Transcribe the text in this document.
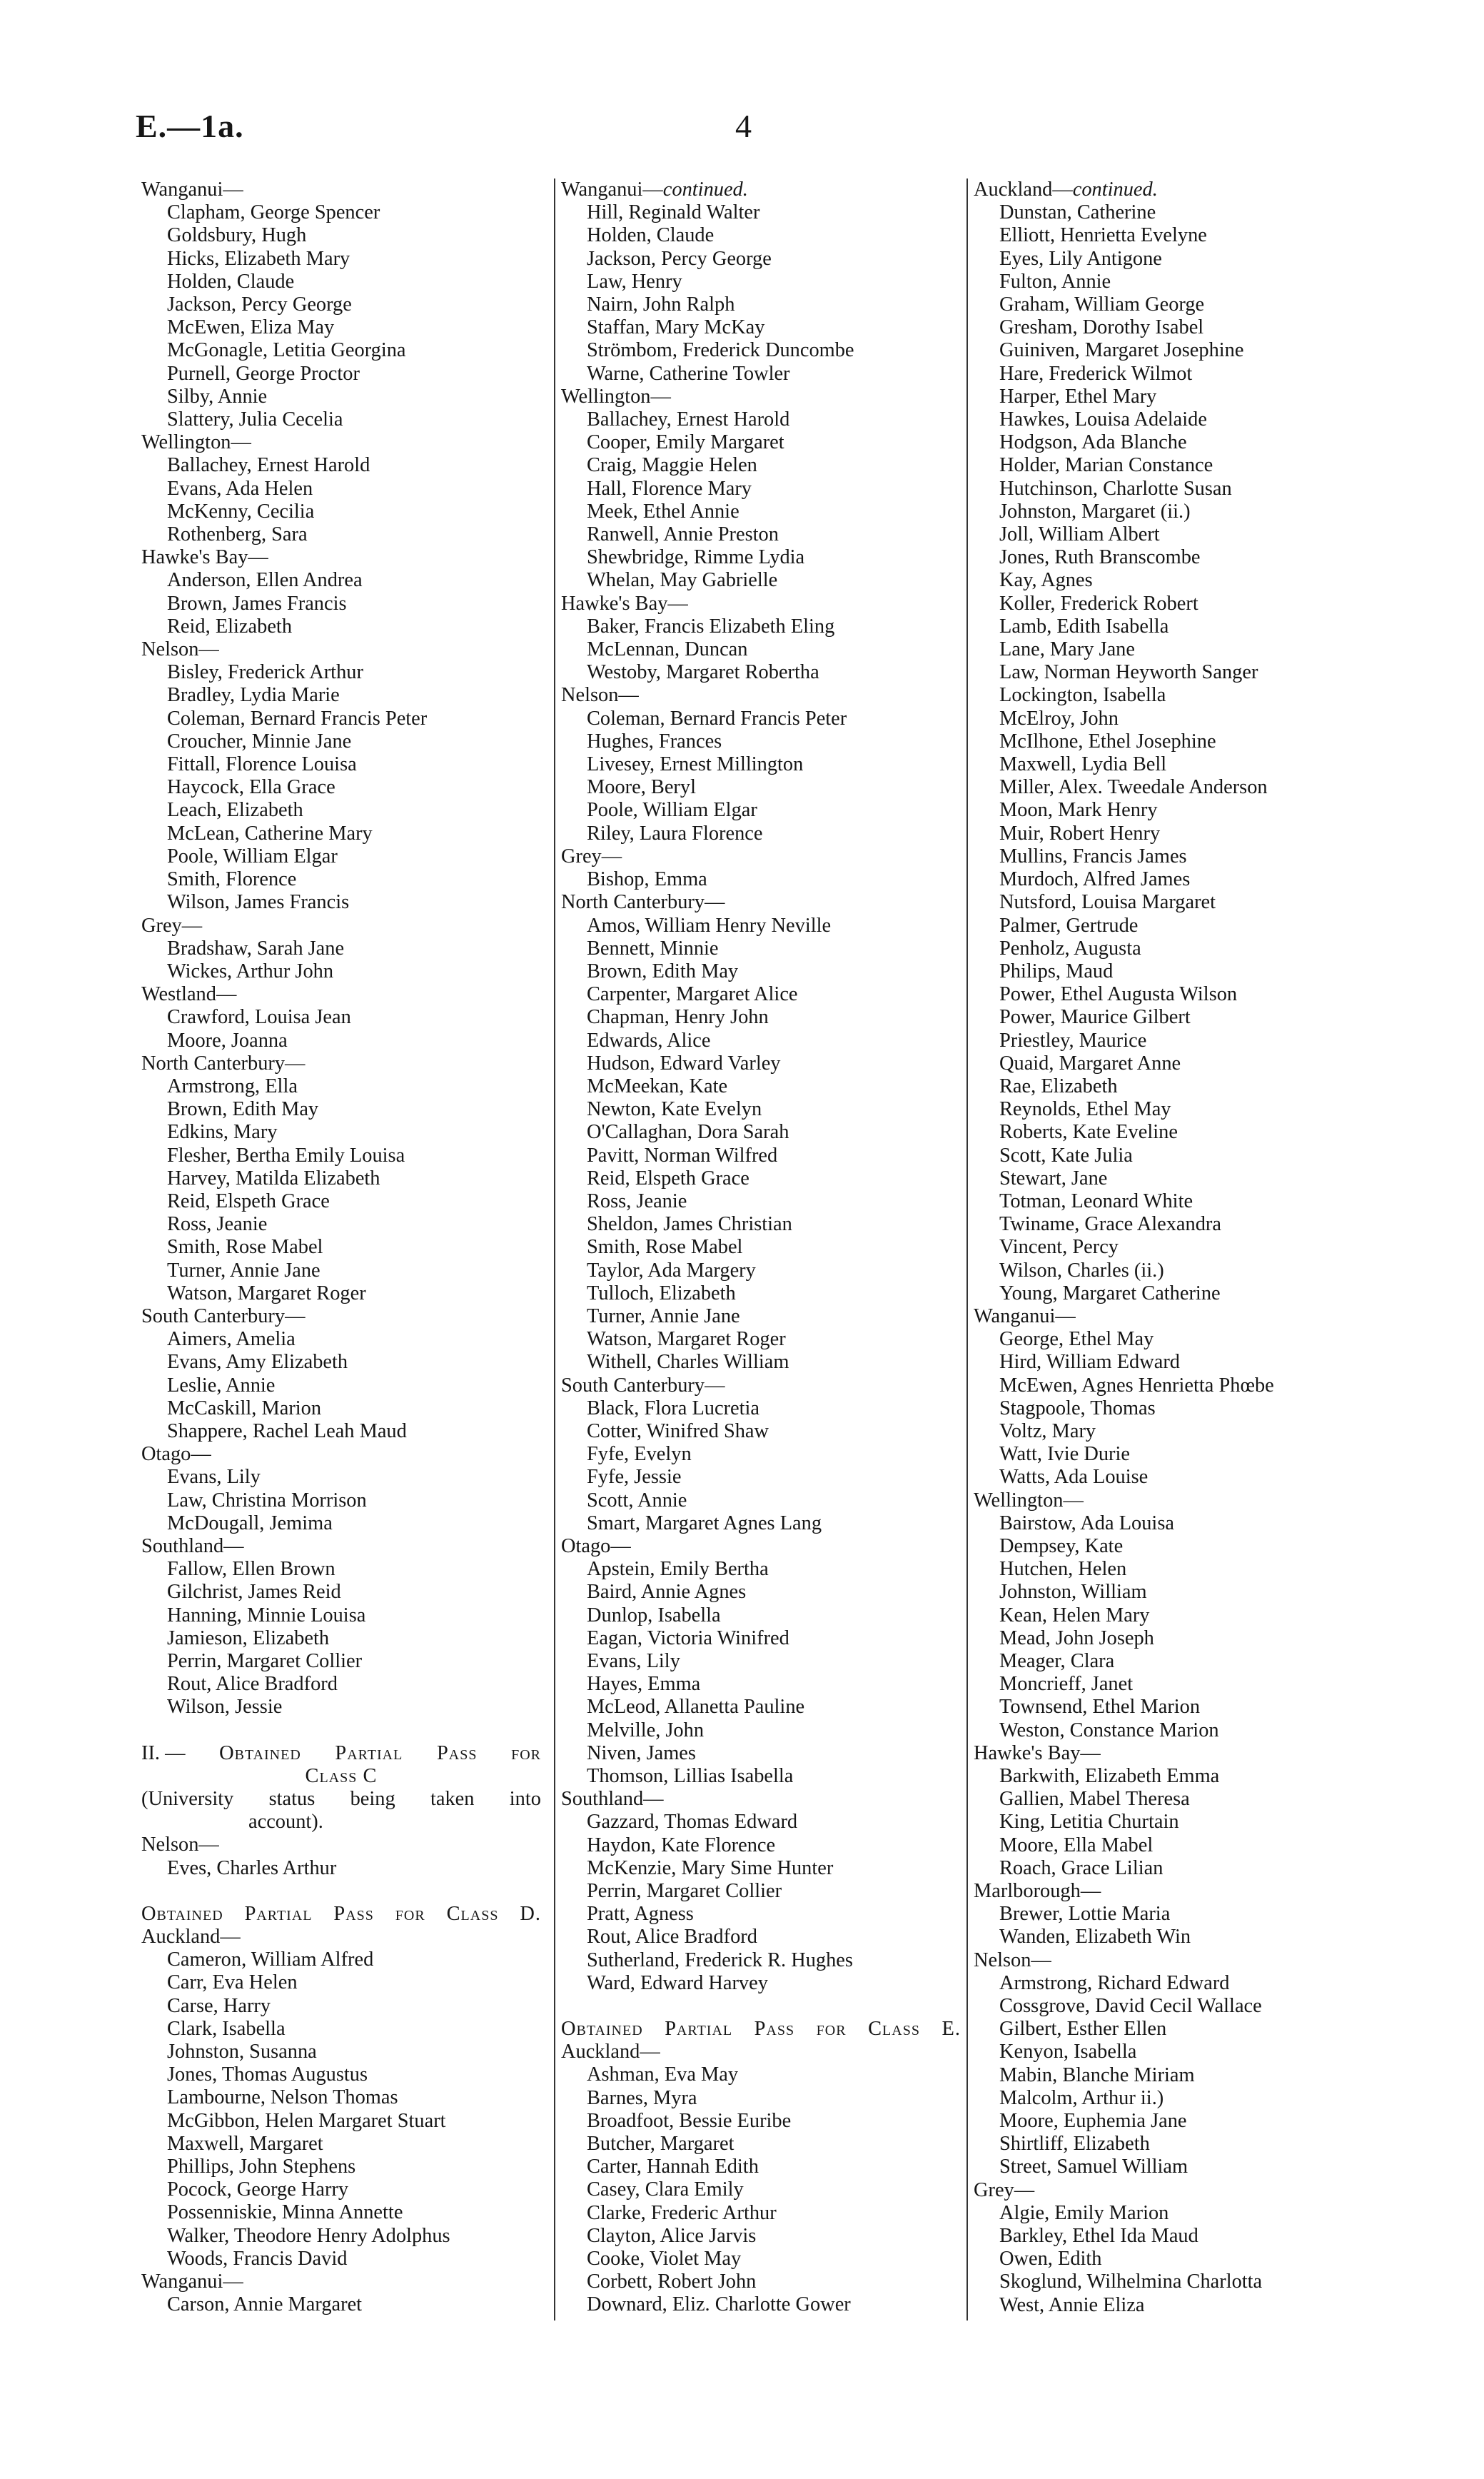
E.—1a.	4
Wanganui—
Clapham, George Spencer
Goldsbury, Hugh
Hicks, Elizabeth Mary
Holden, Claude
Jackson, Percy George
McEwen, Eliza May
McGonagle, Letitia Georgina
Purnell, George Proctor
Silby, Annie
Slattery, Julia Cecelia
Wellington—
Ballachey, Ernest Harold
Evans, Ada Helen
McKenny, Cecilia
Rothenberg, Sara
Hawke's Bay—
Anderson, Ellen Andrea
Brown, James Francis
Reid, Elizabeth
Nelson—
Bisley, Frederick Arthur
Bradley, Lydia Marie
Coleman, Bernard Francis Peter
Croucher, Minnie Jane
Fittall, Florence Louisa
Haycock, Ella Grace
Leach, Elizabeth
McLean, Catherine Mary
Poole, William Elgar
Smith, Florence
Wilson, James Francis
Grey—
Bradshaw, Sarah Jane
Wickes, Arthur John
Westland—
Crawford, Louisa Jean
Moore, Joanna
North Canterbury—
Armstrong, Ella
Brown, Edith May
Edkins, Mary
Flesher, Bertha Emily Louisa
Harvey, Matilda Elizabeth
Reid, Elspeth Grace
Ross, Jeanie
Smith, Rose Mabel
Turner, Annie Jane
Watson, Margaret Roger
South Canterbury—
Aimers, Amelia
Evans, Amy Elizabeth
Leslie, Annie
McCaskill, Marion
Shappere, Rachel Leah Maud
Otago—
Evans, Lily
Law, Christina Morrison
McDougall, Jemima
Southland—
Fallow, Ellen Brown
Gilchrist, James Reid
Hanning, Minnie Louisa
Jamieson, Elizabeth
Perrin, Margaret Collier
Rout, Alice Bradford
Wilson, Jessie
II. — Obtained Partial Pass for
Class C
(University status being taken into
account).
Nelson—
Eves, Charles Arthur
Obtained Partial Pass for Class D.
Auckland—
Cameron, William Alfred
Carr, Eva Helen
Carse, Harry
Clark, Isabella
Johnston, Susanna
Jones, Thomas Augustus
Lambourne, Nelson Thomas
McGibbon, Helen Margaret Stuart
Maxwell, Margaret
Phillips, John Stephens
Pocock, George Harry
Possenniskie, Minna Annette
Walker, Theodore Henry Adolphus
Woods, Francis David
Wanganui—
Carson, Annie Margaret
Wanganui—continued.
Hill, Reginald Walter
Holden, Claude
Jackson, Percy George
Law, Henry
Nairn, John Ralph
Staffan, Mary McKay
Strömbom, Frederick Duncombe
Warne, Catherine Towler
Wellington—
Ballachey, Ernest Harold
Cooper, Emily Margaret
Craig, Maggie Helen
Hall, Florence Mary
Meek, Ethel Annie
Ranwell, Annie Preston
Shewbridge, Rimme Lydia
Whelan, May Gabrielle
Hawke's Bay—
Baker, Francis Elizabeth Eling
McLennan, Duncan
Westoby, Margaret Robertha
Nelson—
Coleman, Bernard Francis Peter
Hughes, Frances
Livesey, Ernest Millington
Moore, Beryl
Poole, William Elgar
Riley, Laura Florence
Grey—
Bishop, Emma
North Canterbury—
Amos, William Henry Neville
Bennett, Minnie
Brown, Edith May
Carpenter, Margaret Alice
Chapman, Henry John
Edwards, Alice
Hudson, Edward Varley
McMeekan, Kate
Newton, Kate Evelyn
O'Callaghan, Dora Sarah
Pavitt, Norman Wilfred
Reid, Elspeth Grace
Ross, Jeanie
Sheldon, James Christian
Smith, Rose Mabel
Taylor, Ada Margery
Tulloch, Elizabeth
Turner, Annie Jane
Watson, Margaret Roger
Withell, Charles William
South Canterbury—
Black, Flora Lucretia
Cotter, Winifred Shaw
Fyfe, Evelyn
Fyfe, Jessie
Scott, Annie
Smart, Margaret Agnes Lang
Otago—
Apstein, Emily Bertha
Baird, Annie Agnes
Dunlop, Isabella
Eagan, Victoria Winifred
Evans, Lily
Hayes, Emma
McLeod, Allanetta Pauline
Melville, John
Niven, James
Thomson, Lillias Isabella
Southland—
Gazzard, Thomas Edward
Haydon, Kate Florence
McKenzie, Mary Sime Hunter
Perrin, Margaret Collier
Pratt, Agness
Rout, Alice Bradford
Sutherland, Frederick R. Hughes
Ward, Edward Harvey
Obtained Partial Pass for Class E.
Auckland—
Ashman, Eva May
Barnes, Myra
Broadfoot, Bessie Euribe
Butcher, Margaret
Carter, Hannah Edith
Casey, Clara Emily
Clarke, Frederic Arthur
Clayton, Alice Jarvis
Cooke, Violet May
Corbett, Robert John
Downard, Eliz. Charlotte Gower
Auckland—continued.
Dunstan, Catherine
Elliott, Henrietta Evelyne
Eyes, Lily Antigone
Fulton, Annie
Graham, William George
Gresham, Dorothy Isabel
Guiniven, Margaret Josephine
Hare, Frederick Wilmot
Harper, Ethel Mary
Hawkes, Louisa Adelaide
Hodgson, Ada Blanche
Holder, Marian Constance
Hutchinson, Charlotte Susan
Johnston, Margaret (ii.)
Joll, William Albert
Jones, Ruth Branscombe
Kay, Agnes
Koller, Frederick Robert
Lamb, Edith Isabella
Lane, Mary Jane
Law, Norman Heyworth Sanger
Lockington, Isabella
McElroy, John
McIlhone, Ethel Josephine
Maxwell, Lydia Bell
Miller, Alex. Tweedale Anderson
Moon, Mark Henry
Muir, Robert Henry
Mullins, Francis James
Murdoch, Alfred James
Nutsford, Louisa Margaret
Palmer, Gertrude
Penholz, Augusta
Philips, Maud
Power, Ethel Augusta Wilson
Power, Maurice Gilbert
Priestley, Maurice
Quaid, Margaret Anne
Rae, Elizabeth
Reynolds, Ethel May
Roberts, Kate Eveline
Scott, Kate Julia
Stewart, Jane
Totman, Leonard White
Twiname, Grace Alexandra
Vincent, Percy
Wilson, Charles (ii.)
Young, Margaret Catherine
Wanganui—
George, Ethel May
Hird, William Edward
McEwen, Agnes Henrietta Phœbe
Stagpoole, Thomas
Voltz, Mary
Watt, Ivie Durie
Watts, Ada Louise
Wellington—
Bairstow, Ada Louisa
Dempsey, Kate
Hutchen, Helen
Johnston, William
Kean, Helen Mary
Mead, John Joseph
Meager, Clara
Moncrieff, Janet
Townsend, Ethel Marion
Weston, Constance Marion
Hawke's Bay—
Barkwith, Elizabeth Emma
Gallien, Mabel Theresa
King, Letitia Churtain
Moore, Ella Mabel
Roach, Grace Lilian
Marlborough—
Brewer, Lottie Maria
Wanden, Elizabeth Win
Nelson—
Armstrong, Richard Edward
Cossgrove, David Cecil Wallace
Gilbert, Esther Ellen
Kenyon, Isabella
Mabin, Blanche Miriam
Malcolm, Arthur ii.)
Moore, Euphemia Jane
Shirtliff, Elizabeth
Street, Samuel William
Grey—
Algie, Emily Marion
Barkley, Ethel Ida Maud
Owen, Edith
Skoglund, Wilhelmina Charlotta
West, Annie Eliza
